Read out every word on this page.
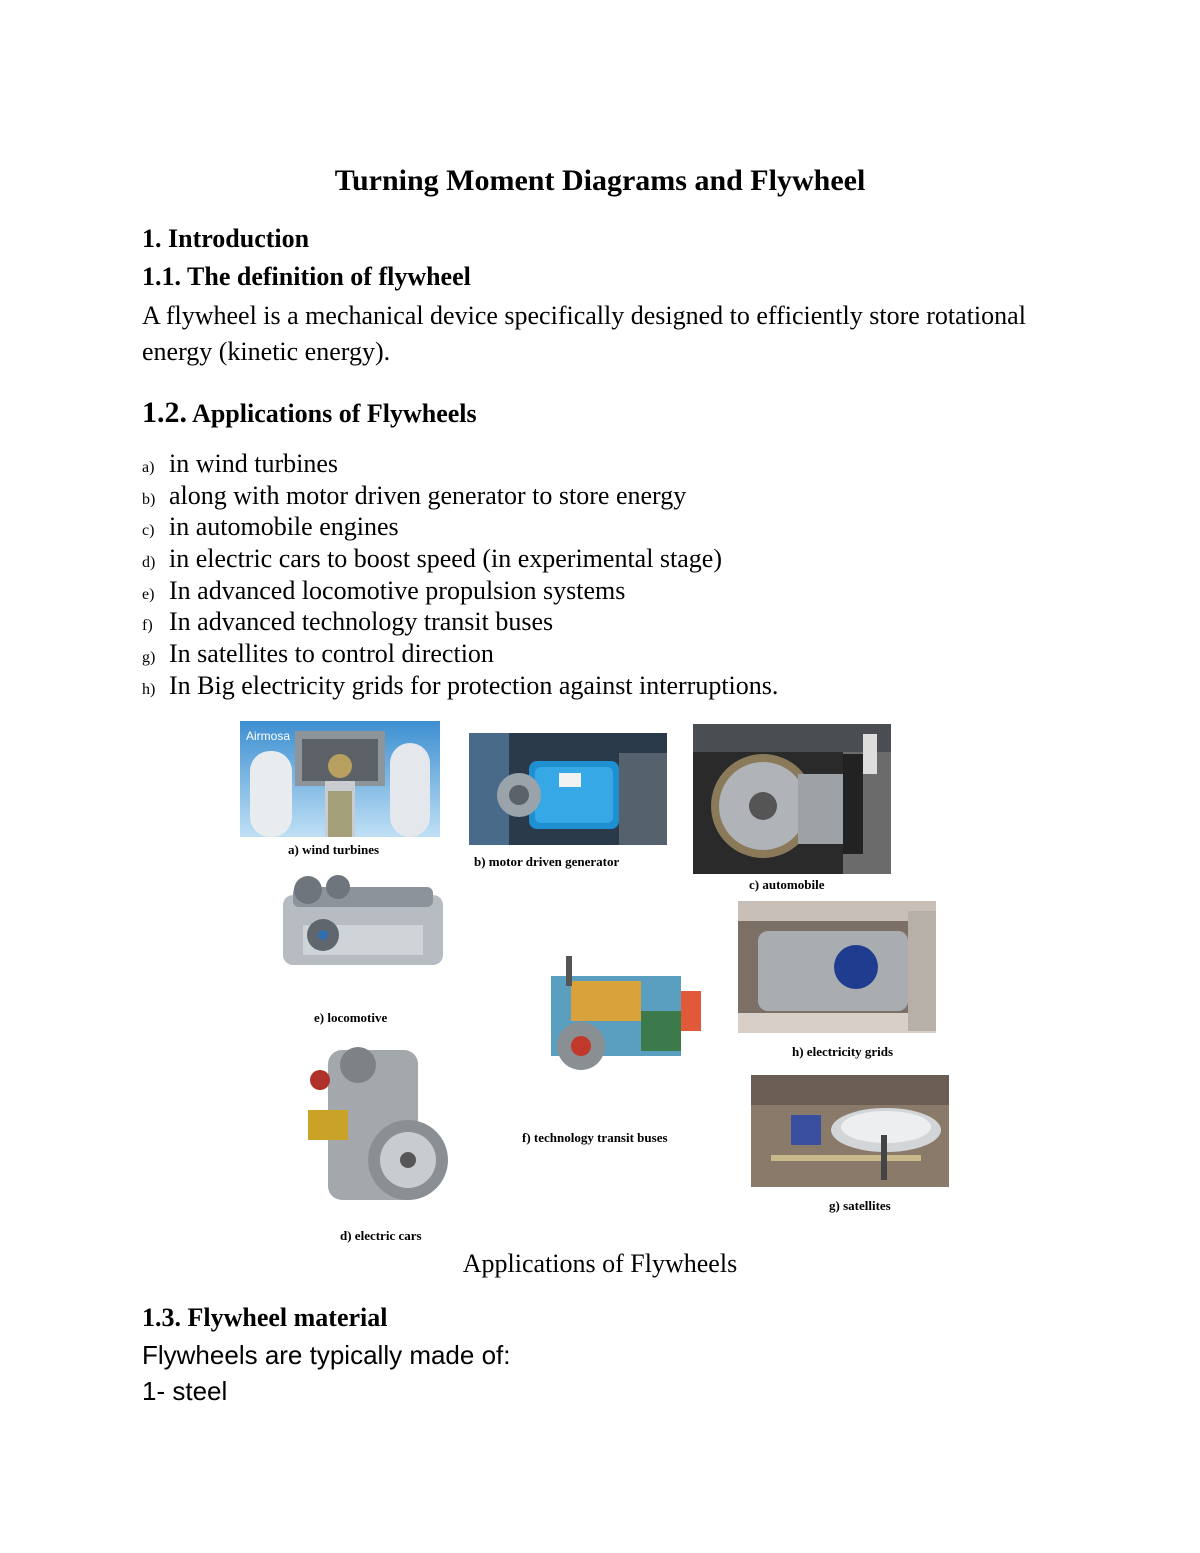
Turning Moment Diagrams and Flywheel
1. Introduction
1.1. The definition of flywheel
A flywheel is a mechanical device specifically designed to efficiently store rotational energy (kinetic energy).
1.2. Applications of Flywheels
a) in wind turbines
b) along with motor driven generator to store energy
c) in automobile engines
d) in electric cars to boost speed (in experimental stage)
e) In advanced locomotive propulsion systems
f) In advanced technology transit buses
g) In satellites to control direction
h) In Big electricity grids for protection against interruptions.
Airmosa
a) wind turbines
b) motor driven generator
c) automobile
e) locomotive
h) electricity grids
f) technology transit buses
d) electric cars
g) satellites
Applications of Flywheels
1.3. Flywheel material
Flywheels are typically made of:
1- steel
